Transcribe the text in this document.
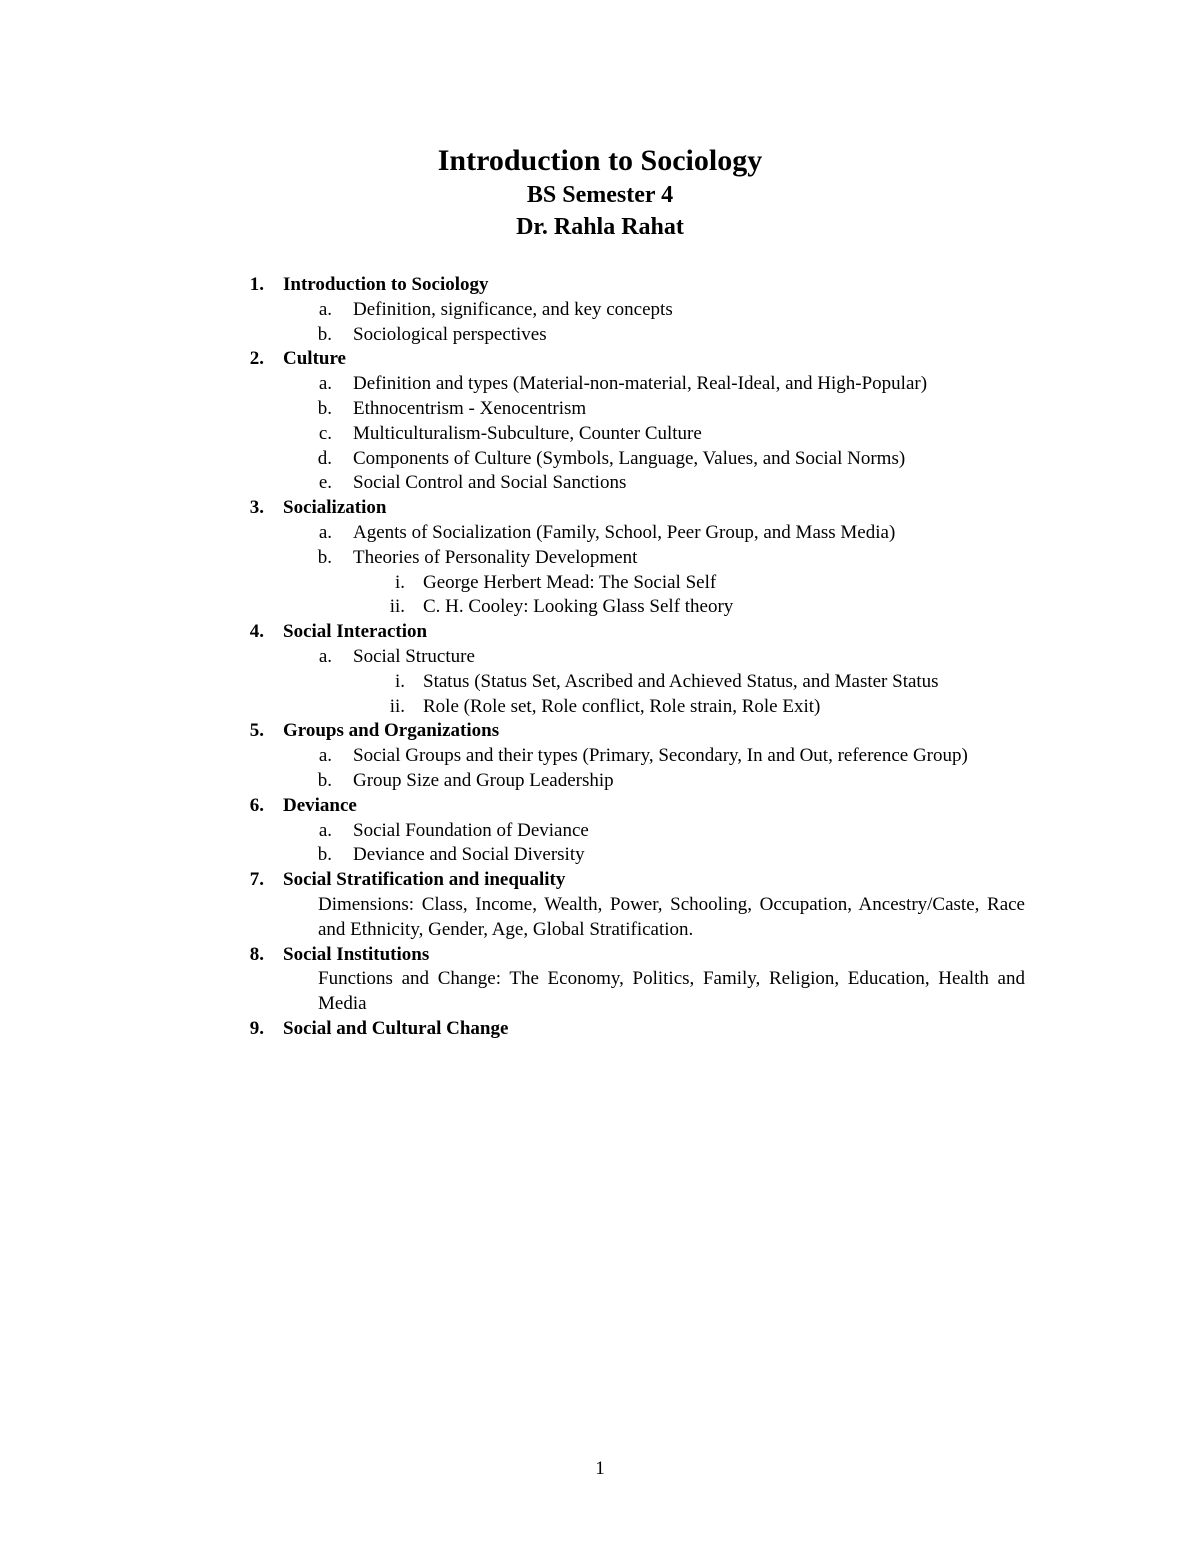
Introduction to Sociology
BS Semester 4
Dr. Rahla Rahat
1. Introduction to Sociology
a. Definition, significance, and key concepts
b. Sociological perspectives
2. Culture
a. Definition and types (Material-non-material, Real-Ideal, and High-Popular)
b. Ethnocentrism - Xenocentrism
c. Multiculturalism-Subculture, Counter Culture
d. Components of Culture (Symbols, Language, Values, and Social Norms)
e. Social Control and Social Sanctions
3. Socialization
a. Agents of Socialization (Family, School, Peer Group, and Mass Media)
b. Theories of Personality Development
i. George Herbert Mead: The Social Self
ii. C. H. Cooley: Looking Glass Self theory
4. Social Interaction
a. Social Structure
i. Status (Status Set, Ascribed and Achieved Status, and Master Status
ii. Role (Role set, Role conflict, Role strain, Role Exit)
5. Groups and Organizations
a. Social Groups and their types (Primary, Secondary, In and Out, reference Group)
b. Group Size and Group Leadership
6. Deviance
a. Social Foundation of Deviance
b. Deviance and Social Diversity
7. Social Stratification and inequality
Dimensions: Class, Income, Wealth, Power, Schooling, Occupation, Ancestry/Caste, Race and Ethnicity, Gender, Age, Global Stratification.
8. Social Institutions
Functions and Change: The Economy, Politics, Family, Religion, Education, Health and Media
9. Social and Cultural Change
1
